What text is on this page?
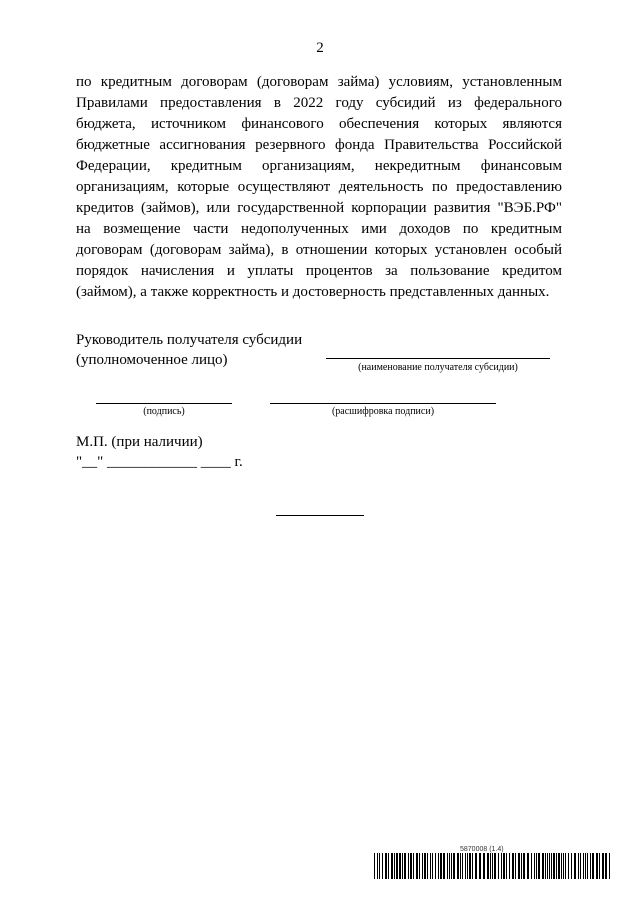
2
по кредитным договорам (договорам займа) условиям, установленным
Правилами предоставления в 2022 году субсидий из федерального
бюджета, источником финансового обеспечения которых являются
бюджетные ассигнования резервного фонда Правительства Российской
Федерации, кредитным организациям, некредитным финансовым
организациям, которые осуществляют деятельность по предоставлению
кредитов (займов), или государственной корпорации развития "ВЭБ.РФ"
на возмещение части недополученных ими доходов по кредитным
договорам (договорам займа), в отношении которых установлен особый
порядок начисления и уплаты процентов за пользование кредитом
(займом), а также корректность и достоверность представленных данных.
Руководитель получателя субсидии
(уполномоченное лицо)	(наименование получателя субсидии)
(подпись)	(расшифровка подписи)
М.П. (при наличии)
"__" ____________ ____ г.
5870008 (1.4)
